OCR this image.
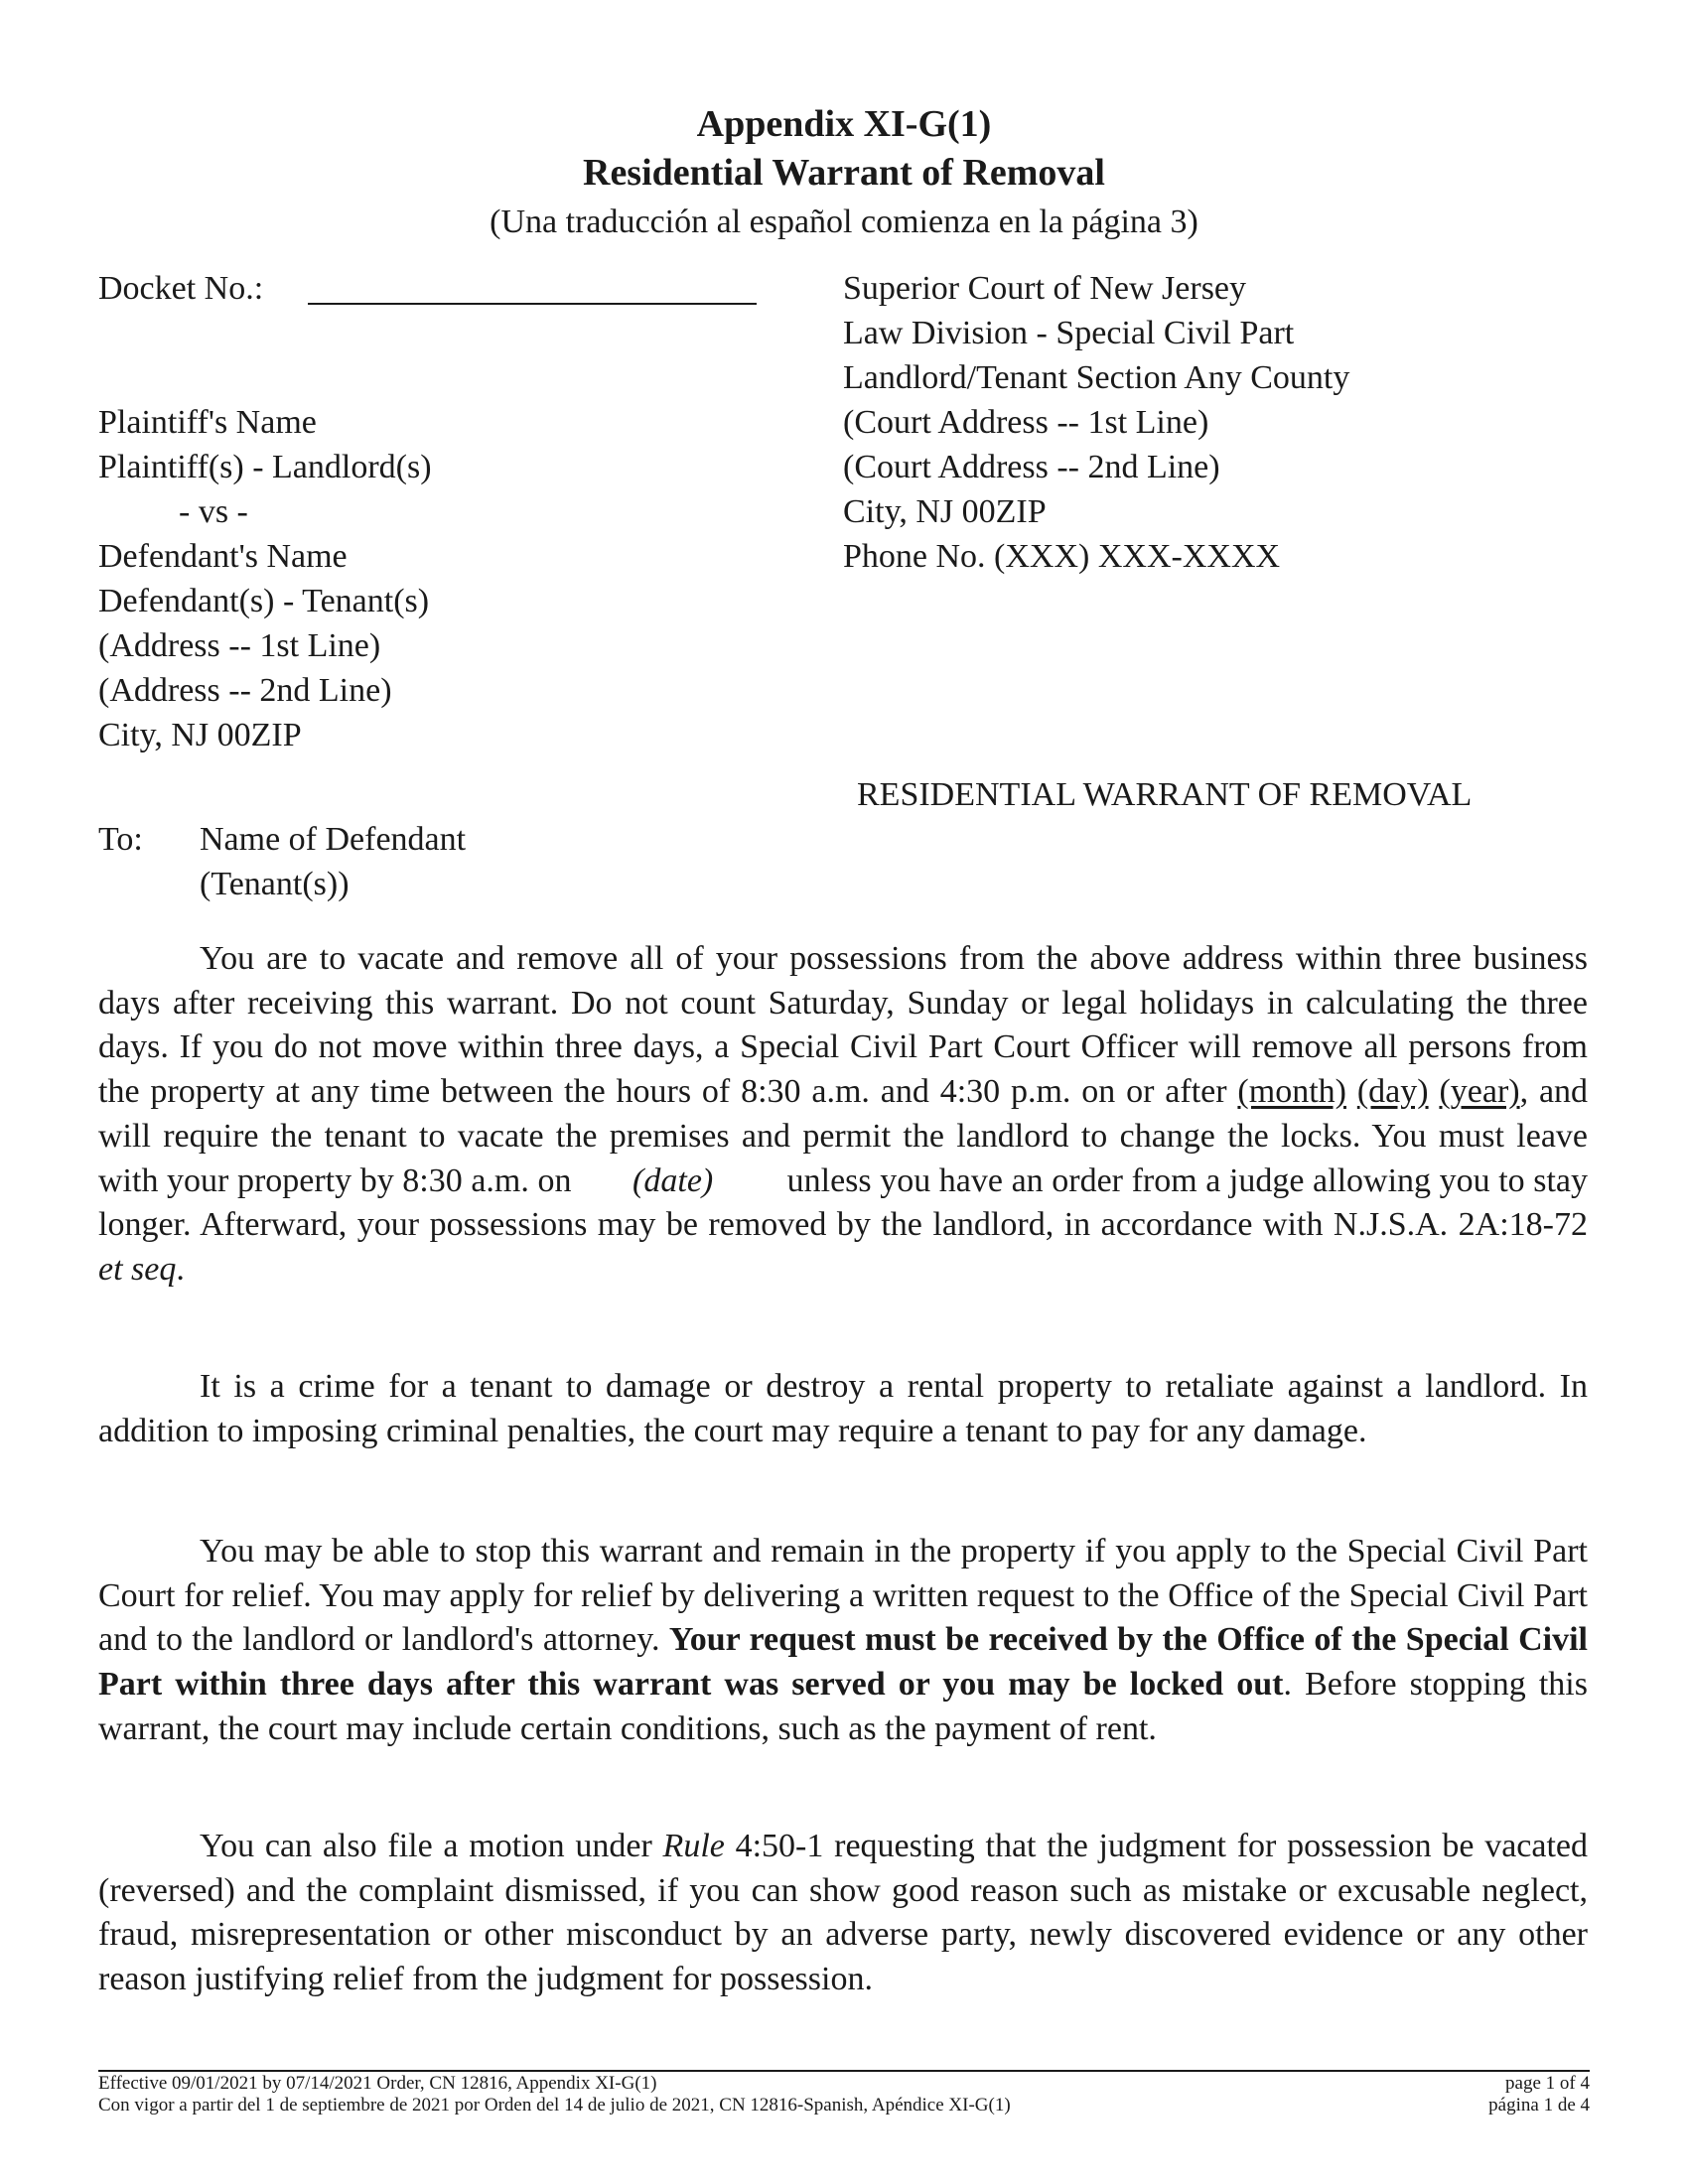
Appendix XI-G(1)
Residential Warrant of Removal
(Una traducción al español comienza en la página 3)
Docket No.:	Superior Court of New Jersey
Law Division - Special Civil Part
Landlord/Tenant Section Any County
(Court Address -- 1st Line)
(Court Address -- 2nd Line)
City, NJ 00ZIP
Phone No. (XXX) XXX-XXXX
Plaintiff's Name
Plaintiff(s) - Landlord(s)
- vs -
Defendant's Name
Defendant(s) - Tenant(s)
(Address -- 1st Line)
(Address -- 2nd Line)
City, NJ 00ZIP
RESIDENTIAL WARRANT OF REMOVAL
To: Name of Defendant
(Tenant(s))
You are to vacate and remove all of your possessions from the above address within three business days after receiving this warrant. Do not count Saturday, Sunday or legal holidays in calculating the three days. If you do not move within three days, a Special Civil Part Court Officer will remove all persons from the property at any time between the hours of 8:30 a.m. and 4:30 p.m. on or after (month) (day) (year), and will require the tenant to vacate the premises and permit the landlord to change the locks. You must leave with your property by 8:30 a.m. on (date) unless you have an order from a judge allowing you to stay longer. Afterward, your possessions may be removed by the landlord, in accordance with N.J.S.A. 2A:18-72 et seq.
It is a crime for a tenant to damage or destroy a rental property to retaliate against a landlord. In addition to imposing criminal penalties, the court may require a tenant to pay for any damage.
You may be able to stop this warrant and remain in the property if you apply to the Special Civil Part Court for relief. You may apply for relief by delivering a written request to the Office of the Special Civil Part and to the landlord or landlord's attorney. Your request must be received by the Office of the Special Civil Part within three days after this warrant was served or you may be locked out. Before stopping this warrant, the court may include certain conditions, such as the payment of rent.
You can also file a motion under Rule 4:50-1 requesting that the judgment for possession be vacated (reversed) and the complaint dismissed, if you can show good reason such as mistake or excusable neglect, fraud, misrepresentation or other misconduct by an adverse party, newly discovered evidence or any other reason justifying relief from the judgment for possession.
Effective 09/01/2021 by 07/14/2021 Order, CN 12816, Appendix XI-G(1)
Con vigor a partir del 1 de septiembre de 2021 por Orden del 14 de julio de 2021, CN 12816-Spanish, Apéndice XI-G(1)
page 1 of 4
página 1 de 4
